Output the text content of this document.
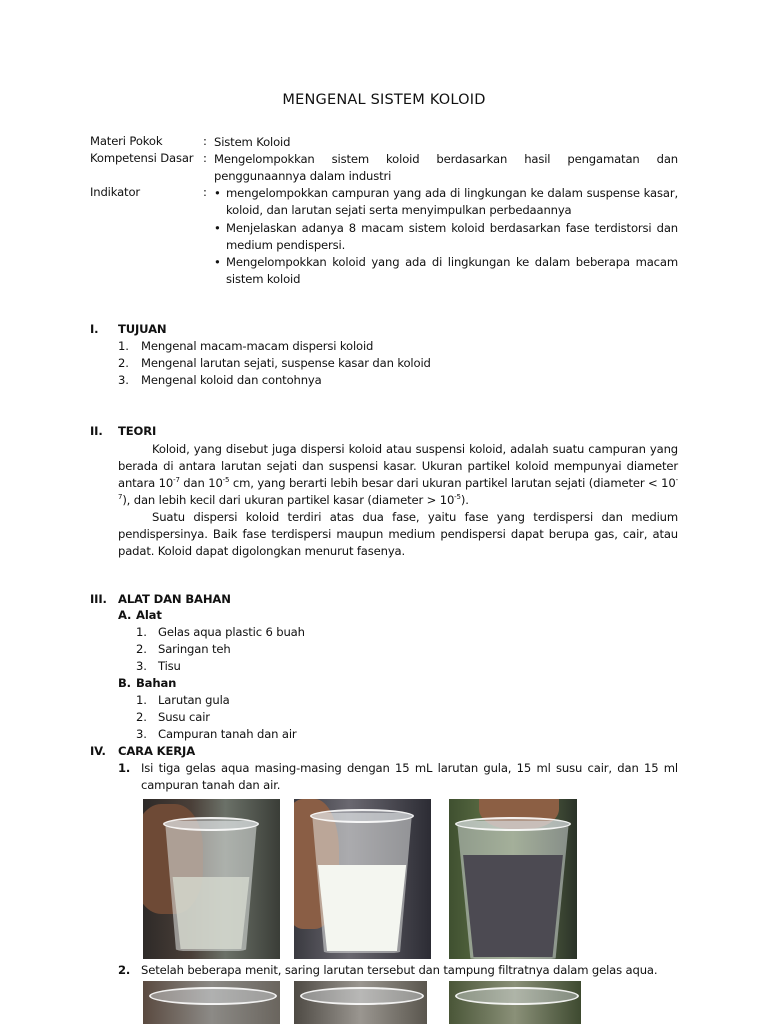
MENGENAL SISTEM KOLOID
Materi Pokok	: Sistem Koloid
Kompetensi Dasar : Mengelompokkan sistem koloid berdasarkan hasil pengamatan dan
penggunaannya dalam industri
Indikator	: • mengelompokkan campuran yang ada di lingkungan ke dalam suspense kasar, koloid, dan larutan sejati serta menyimpulkan perbedaannya
• Menjelaskan adanya 8 macam sistem koloid berdasarkan fase terdistorsi dan medium pendispersi.
• Mengelompokkan koloid yang ada di lingkungan ke dalam beberapa macam sistem koloid
I. TUJUAN
1. Mengenal macam-macam dispersi koloid
2. Mengenal larutan sejati, suspense kasar dan koloid
3. Mengenal koloid dan contohnya
II. TEORI

Koloid, yang disebut juga dispersi koloid atau suspensi koloid, adalah suatu campuran yang berada di antara larutan sejati dan suspensi kasar. Ukuran partikel koloid mempunyai diameter antara $10^{-7}$ dan $10^{-5}$ cm, yang berarti lebih besar dari ukuran partikel larutan sejati (diameter < $10^{-7}$), dan lebih kecil dari ukuran partikel kasar (diameter > $10^{-5}$).

Suatu dispersi koloid terdiri atas dua fase, yaitu fase yang terdispersi dan medium pendispersinya. Baik fase terdispersi maupun medium pendispersi dapat berupa gas, cair, atau padat. Koloid dapat digolongkan menurut fasenya.

III. ALAT DAN BAHAN
A. Alat
1. Gelas aqua plastic 6 buah
2. Saringan teh
3. Tisu
B. Bahan
1. Larutan gula
2. Susu cair
3. Campuran tanah dan air
IV. CARA KERJA
1. Isi tiga gelas aqua masing-masing dengan 15 mL larutan gula, 15 ml susu cair, dan 15 ml
campuran tanah dan air.
2. Setelah beberapa menit, saring larutan tersebut dan tampung filtratnya dalam gelas aqua.
